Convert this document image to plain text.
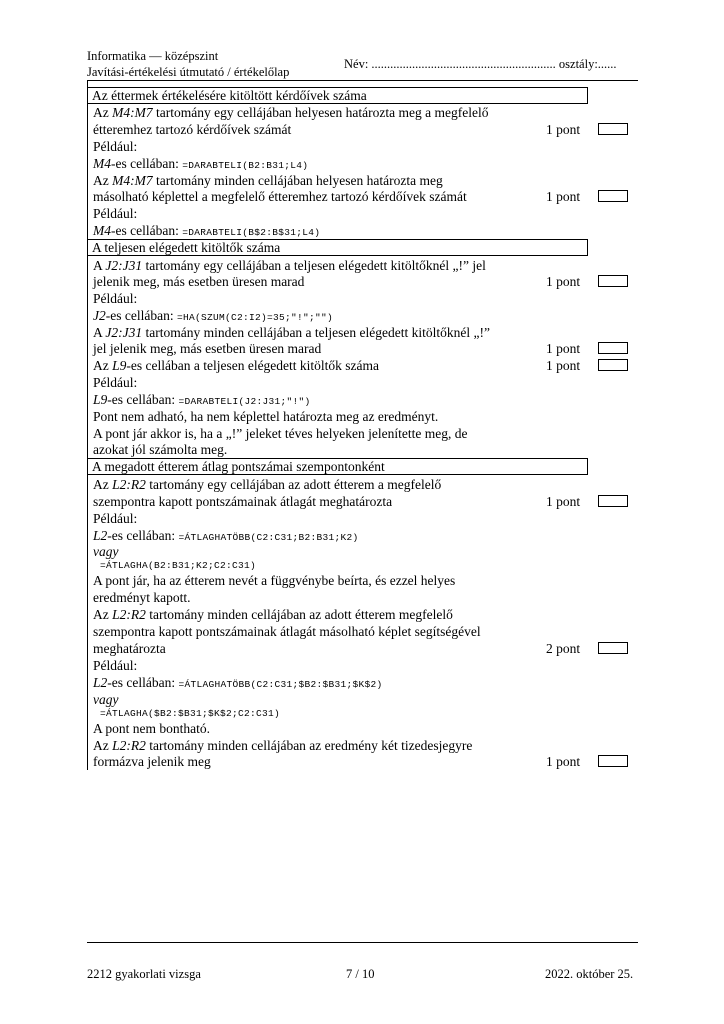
Informatika — középszint
Javítási-értékelési útmutató / értékelőlap
Név: ........................................................... osztály:......
Az éttermek értékelésére kitöltött kérdőívek száma
Az M4:M7 tartomány egy cellájában helyesen határozta meg a megfelelő
étteremhez tartozó kérdőívek számát	1 pont
Például:
M4-es cellában: =DARABTELI(B2:B31;L4)
Az M4:M7 tartomány minden cellájában helyesen határozta meg
másolható képlettel a megfelelő étteremhez tartozó kérdőívek számát	1 pont
Például:
M4-es cellában: =DARABTELI(B$2:B$31;L4)
A teljesen elégedett kitöltők száma
A J2:J31 tartomány egy cellájában a teljesen elégedett kitöltőknél „!” jel
jelenik meg, más esetben üresen marad	1 pont
Például:
J2-es cellában: =HA(SZUM(C2:I2)=35;"!";"")
A J2:J31 tartomány minden cellájában a teljesen elégedett kitöltőknél „!”
jel jelenik meg, más esetben üresen marad	1 pont
Az L9-es cellában a teljesen elégedett kitöltők száma	1 pont
Például:
L9-es cellában: =DARABTELI(J2:J31;"!")
Pont nem adható, ha nem képlettel határozta meg az eredményt.
A pont jár akkor is, ha a „!” jeleket téves helyeken jelenítette meg, de
azokat jól számolta meg.
A megadott étterem átlag pontszámai szempontonként
Az L2:R2 tartomány egy cellájában az adott étterem a megfelelő
szempontra kapott pontszámainak átlagát meghatározta	1 pont
Például:
L2-es cellában: =ÁTLAGHATÖBB(C2:C31;B2:B31;K2)
vagy
=ÁTLAGHA(B2:B31;K2;C2:C31)
A pont jár, ha az étterem nevét a függvénybe beírta, és ezzel helyes
eredményt kapott.
Az L2:R2 tartomány minden cellájában az adott étterem megfelelő
szempontra kapott pontszámainak átlagát másolható képlet segítségével
meghatározta	2 pont
Például:
L2-es cellában: =ÁTLAGHATÖBB(C2:C31;$B2:$B31;$K$2)
vagy
=ÁTLAGHA($B2:$B31;$K$2;C2:C31)
A pont nem bontható.
Az L2:R2 tartomány minden cellájában az eredmény két tizedesjegyre
formázva jelenik meg	1 pont
2212 gyakorlati vizsga	7 / 10	2022. október 25.
